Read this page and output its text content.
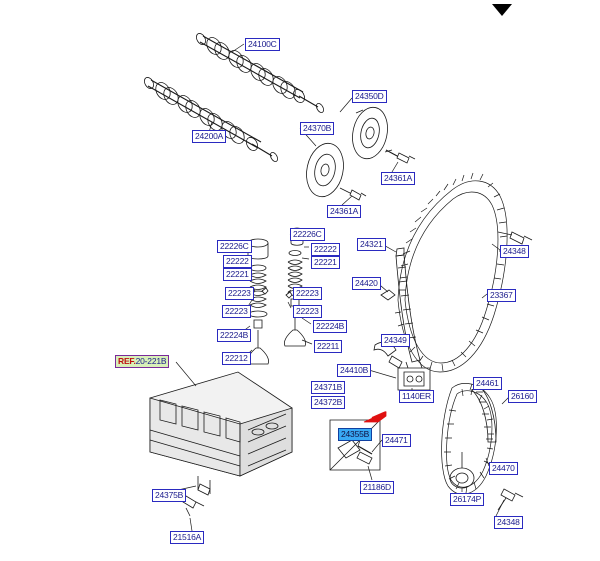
24100C
24350D
24370B
24200A
24361A
24361A
22226C
24321
24348
22226C	22222
22222	22221
22221
24420
23367
22223	22223
22223	22223
22224B
22224B
24349
22211
22212
REF.20-221B
24410B
24461
26160
24371B
1140ER
24372B
24355B
24471
24470
21186D
26174P
24375B
24348
21516A
